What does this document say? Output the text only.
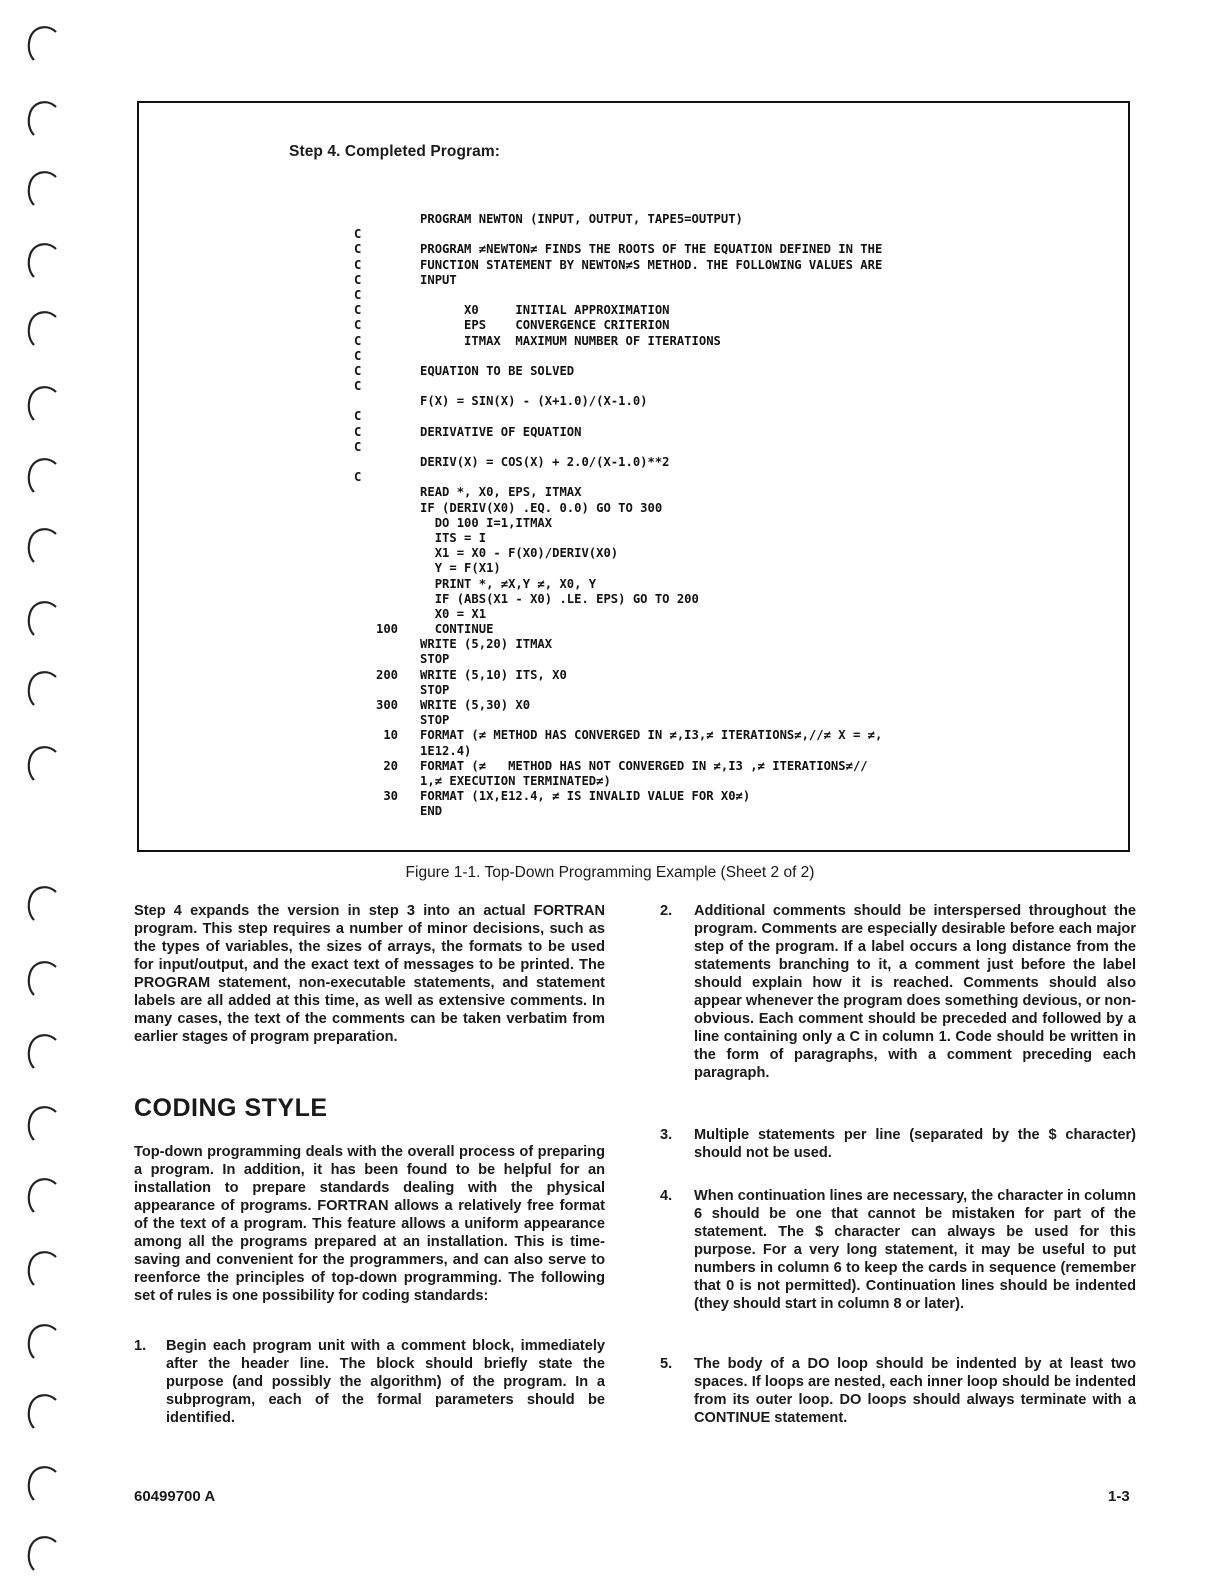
Step 4. Completed Program:
PROGRAM NEWTON (INPUT, OUTPUT, TAPE5=OUTPUT)
C
C        PROGRAM ≠NEWTON≠ FINDS THE ROOTS OF THE EQUATION DEFINED IN THE
C        FUNCTION STATEMENT BY NEWTON≠S METHOD. THE FOLLOWING VALUES ARE
C        INPUT
C
C              X0     INITIAL APPROXIMATION
C              EPS    CONVERGENCE CRITERION
C              ITMAX  MAXIMUM NUMBER OF ITERATIONS
C
C        EQUATION TO BE SOLVED
C
F(X) = SIN(X) - (X+1.0)/(X-1.0)
C
C        DERIVATIVE OF EQUATION
C
DERIV(X) = COS(X) + 2.0/(X-1.0)**2
C
READ *, X0, EPS, ITMAX
IF (DERIV(X0) .EQ. 0.0) GO TO 300
DO 100 I=1,ITMAX
ITS = I
X1 = X0 - F(X0)/DERIV(X0)
Y = F(X1)
PRINT *, ≠X,Y ≠, X0, Y
IF (ABS(X1 - X0) .LE. EPS) GO TO 200
X0 = X1
100     CONTINUE
WRITE (5,20) ITMAX
STOP
200   WRITE (5,10) ITS, X0
STOP
300   WRITE (5,30) X0
STOP
10   FORMAT (≠ METHOD HAS CONVERGED IN ≠,I3,≠ ITERATIONS≠,//≠ X = ≠,
1E12.4)
20   FORMAT (≠   METHOD HAS NOT CONVERGED IN ≠,I3 ,≠ ITERATIONS≠//
1,≠ EXECUTION TERMINATED≠)
30   FORMAT (1X,E12.4, ≠ IS INVALID VALUE FOR X0≠)
END
Figure 1-1. Top-Down Programming Example (Sheet 2 of 2)

Step 4 expands the version in step 3 into an actual FORTRAN program. This step requires a number of minor decisions, such as the types of variables, the sizes of arrays, the formats to be used for input/output, and the exact text of messages to be printed. The PROGRAM statement, non-executable statements, and statement labels are all added at this time, as well as extensive comments. In many cases, the text of the comments can be taken verbatim from earlier stages of program preparation.

CODING STYLE

Top-down programming deals with the overall process of preparing a program. In addition, it has been found to be helpful for an installation to prepare standards dealing with the physical appearance of programs. FORTRAN allows a relatively free format of the text of a program. This feature allows a uniform appearance among all the programs prepared at an installation. This is time-saving and convenient for the programmers, and can also serve to reenforce the principles of top-down programming. The following set of rules is one possibility for coding standards:

1. Begin each program unit with a comment block, immediately after the header line. The block should briefly state the purpose (and possibly the algorithm) of the program. In a subprogram, each of the formal parameters should be identified.
2. Additional comments should be interspersed throughout the program. Comments are especially desirable before each major step of the program. If a label occurs a long distance from the statements branching to it, a comment just before the label should explain how it is reached. Comments should also appear whenever the program does something devious, or non-obvious. Each comment should be preceded and followed by a line containing only a C in column 1. Code should be written in the form of paragraphs, with a comment preceding each paragraph.
3. Multiple statements per line (separated by the $ character) should not be used.
4. When continuation lines are necessary, the character in column 6 should be one that cannot be mistaken for part of the statement. The $ character can always be used for this purpose. For a very long statement, it may be useful to put numbers in column 6 to keep the cards in sequence (remember that 0 is not permitted). Continuation lines should be indented (they should start in column 8 or later).
5. The body of a DO loop should be indented by at least two spaces. If loops are nested, each inner loop should be indented from its outer loop. DO loops should always terminate with a CONTINUE statement.
60499700 A	1-3
